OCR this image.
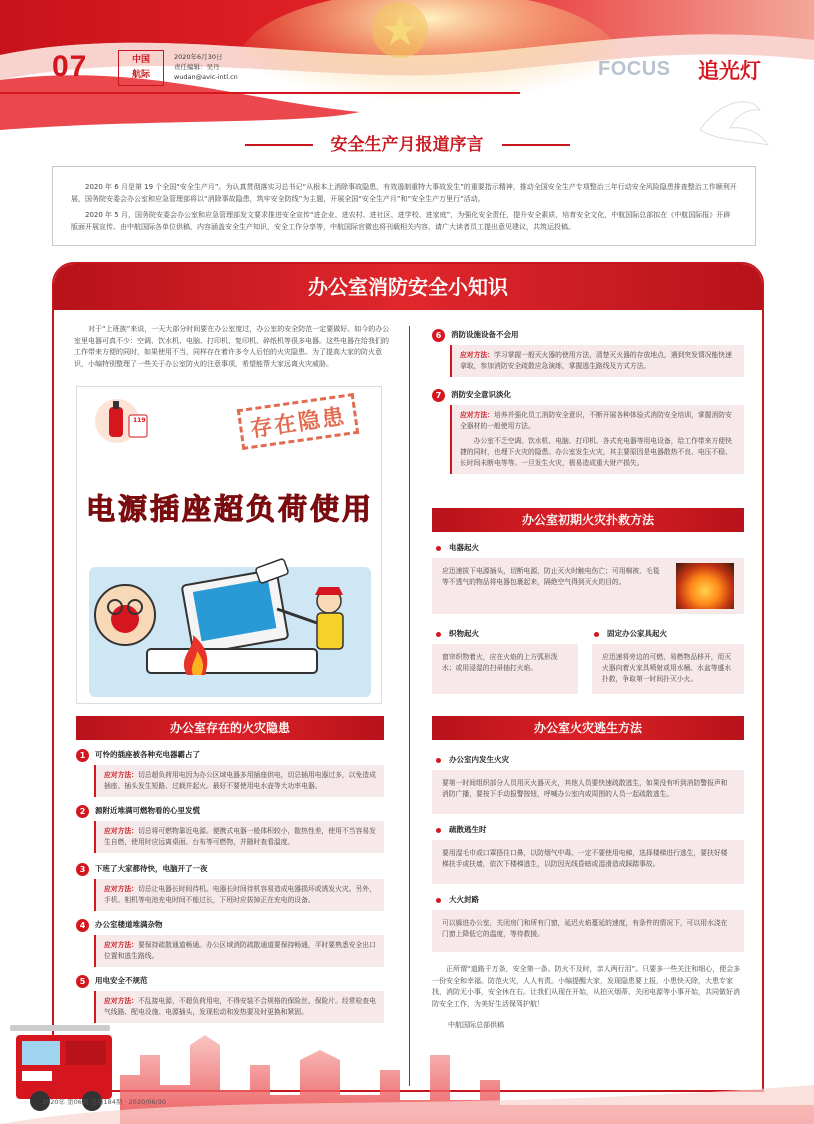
07	中国
航际
2020年6月30日
责任编辑：吴丹
wudan@avic-intl.cn	FOCUS 追光灯
安全生产月报道序言

2020 年 6 月是第 19 个全国“安全生产月”。为认真贯彻落实习总书记“从根本上消除事故隐患，有效遏制重特大事故发生”的重要指示精神，推动全国安全生产专项整治三年行动安全风险隐患排查整治工作顺利开展，国务院安委会办公室和应急管理部将以“消除事故隐患，筑牢安全防线”为主题，开展全国“安全生产月”和“安全生产万里行”活动。

2020 年 5 月，国务院安委会办公室和应急管理部发文要求推进安全宣传“进企业、进农村、进社区、进学校、进家庭”，为强化安全责任，提升安全素质，培育安全文化，中航国际总部拟在《中航国际报》开辟版面开展宣传。由中航国际各单位供稿，内容涵盖安全生产知识，安全工作分享等，中航国际官微也将刊载相关内容，请广大读者员工提出意见建议，共筑运投稿。

办公室消防安全小知识

对于“上班族”来说，一天大部分时间要在办公室度过，办公室的安全防范一定要做好。如今的办公室里电器可真不少：空调、饮水机、电脑、打印机、复印机、碎纸机等很多电器。这些电器在给我们的工作带来方便的同时，如果使用不当，同样存在着许多令人后怕的火灾隐患。为了提高大家的防火意识，小编特别整理了一些关于办公室防火的注意事项，希望能帮大家远离火灾威胁。

存在隐患
119
电源插座超负荷使用
办公室存在的火灾隐患
1 可怜的插座被各种充电器霸占了
应对方法：切忌超负荷用电因为办公区域电器多用插座供电，切忌插用电器过多，以免造成插座、插头发生短路、过载并起火。最好不要使用电水壶等大功率电器。
2 源附近堆满可燃物看的心里发慌
应对方法：切忌将可燃物靠近电源。便携式电器一般体积较小，散热性差，使用不当容易发生自燃，使用时应远离桌面、台布等可燃物，并随时查看温度。
3 下班了大家都待快，电脑开了一夜
应对方法：切忌让电器长时间待机。电器长时间待机容易造成电器损坏或诱发火灾。另外，手机、相机等电池充电时间不能过长，下班时应拔掉正在充电的设备。
4 办公室楼道堆满杂物
应对方法：要保持疏散通道畅通。办公区域消防疏散通道要保持畅通，平时要熟悉安全出口位置和逃生路线。
5 用电安全不规范
应对方法：不乱接电源，不超负荷用电，不得安装不合规格的保险丝、保险片。经常检查电气线路、配电设施、电源插头，发现松动和发热要及时更换和紧固。
6 消防设施设备不会用
应对方法：学习掌握一般灭火器的使用方法，清楚灭火器的存放地点，遇到突发情况能快速拿取，参加消防安全疏散应急演练，掌握逃生路线及方式方法。
7 消防安全意识淡化
应对方法：培养并强化员工消防安全意识，不断开展各种体验式消防安全培训，掌握消防安全器材的一般使用方法。
办公室不乏空调、饮水机、电脑、打印机、各式充电器等用电设备，给工作带来方便快捷的同时，也埋下火灾的隐患。办公室发生火灾，其主要原因是电器散热不良、电压不稳、长时间未断电等等。一旦发生火灾，极易造成重大财产损失。
办公室初期火灾扑救方法
电器起火
应迅速拔下电源插头，切断电源，防止灭火时触电伤亡；可用棉被、毛毯等不透气的物品将电器包裹起来，隔绝空气得到灭火的目的。
织物起火
窗帘织物着火，应在火焰的上方弧形泼水；或用浸湿的扫帚抽打火焰。
固定办公家具起火
应迅速将旁边的可燃、易燃物品移开，用灭火器向着火家具喷射或用水桶、水盆等盛水扑救，争取第一时间扑灭小火。
办公室火灾逃生方法
办公室内发生火灾
要第一时间组织部分人员用灭火器灭火，其他人员要快速疏散逃生，如果没有听到消防警报声和消防广播，要按下手动报警按钮，呼喊办公室内或周围的人员一起疏散逃生。
疏散逃生时
要用湿毛巾或口罩捂住口鼻，以防烟气中毒。一定不要使用电梯，选择楼梯进行逃生，要扶好楼梯扶手或扶墙，依次下楼梯逃生，以防因光线昏暗或湿滑造成踩踏事故。
大火封路
可以躲进办公室，关闭房门和所有门窗，延迟火焰蔓延的速度，有条件的情况下，可以用水浇在门窗上降低它的温度，等待救援。

正所谓“道路千万条，安全第一条。防火不及时，亲人两行泪”。只要多一些关注和细心，便会多一份安全和幸福。防范火灾，人人有责。小编提醒大家，发现隐患要上报，小患快天除，大患专家找，消防无小事，安全休在右。让我们从现在开始，从拍灭烟蒂、关闭电源等小事开始，共同做好消防安全工作，为美好生活保驾护航！

中航国际总部供稿
2020年 第06期 总第184期 · 2020/06/30
